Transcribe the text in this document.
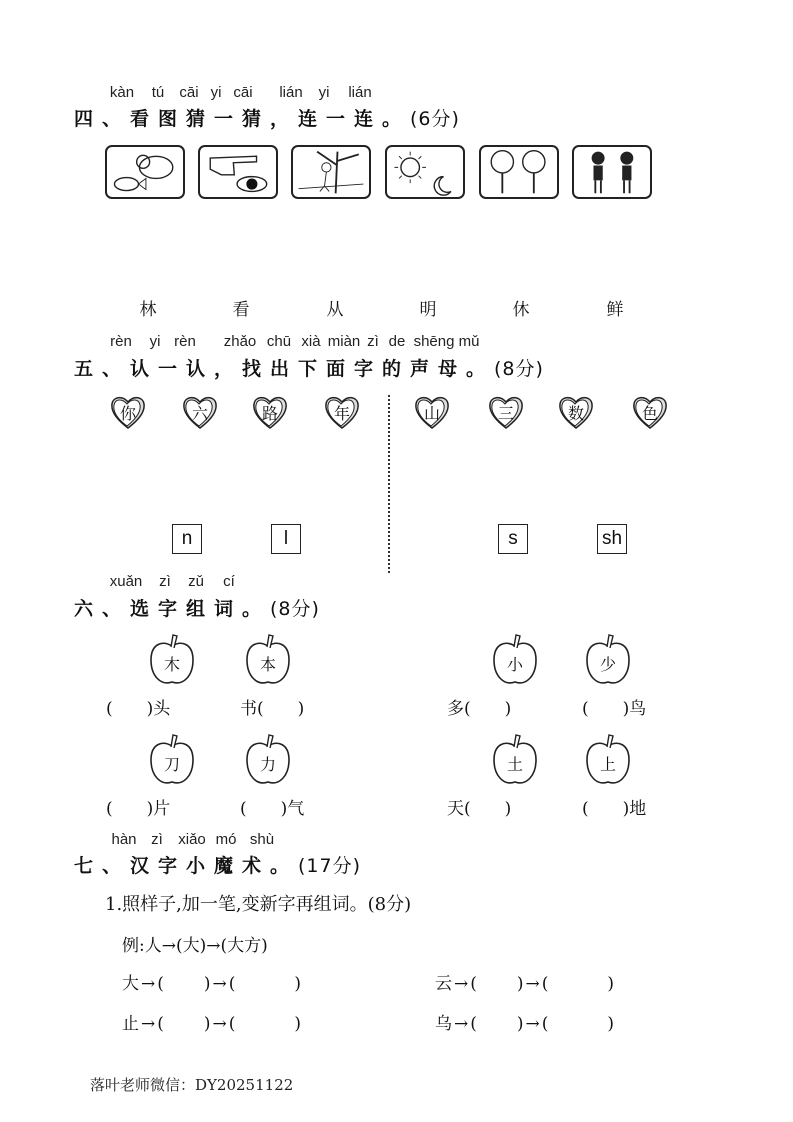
kàn tú cāi yi cāi lián yi lián
四、看图猜一猜，连一连。(6分)
林	看	从	明	休	鲜
rèn yi rèn zhǎo chū xià miàn zì de shēng mǔ
五、认一认，找出下面字的声母。(8分)
你	六	路	年	山	三	数	色
n	l	s	sh
xuǎn zì zǔ cí
六、选字组词。(8分)
木	本	小	少
刀	力	土	上
(　　)头	书(　　)	多(　　)	(　　)鸟
(　　)片	(　　)气	天(　　)	(　　)地
hàn zì xiǎo mó shù
七、汉字小魔术。(17分)
1.照样子,加一笔,变新字再组词。(8分)
例:人→(大)→(大方)
大→(　　)→(　　　)	云→(　　)→(　　　)
止→(　　)→(　　　)	乌→(　　)→(　　　)
落叶老师微信：DY20251122
